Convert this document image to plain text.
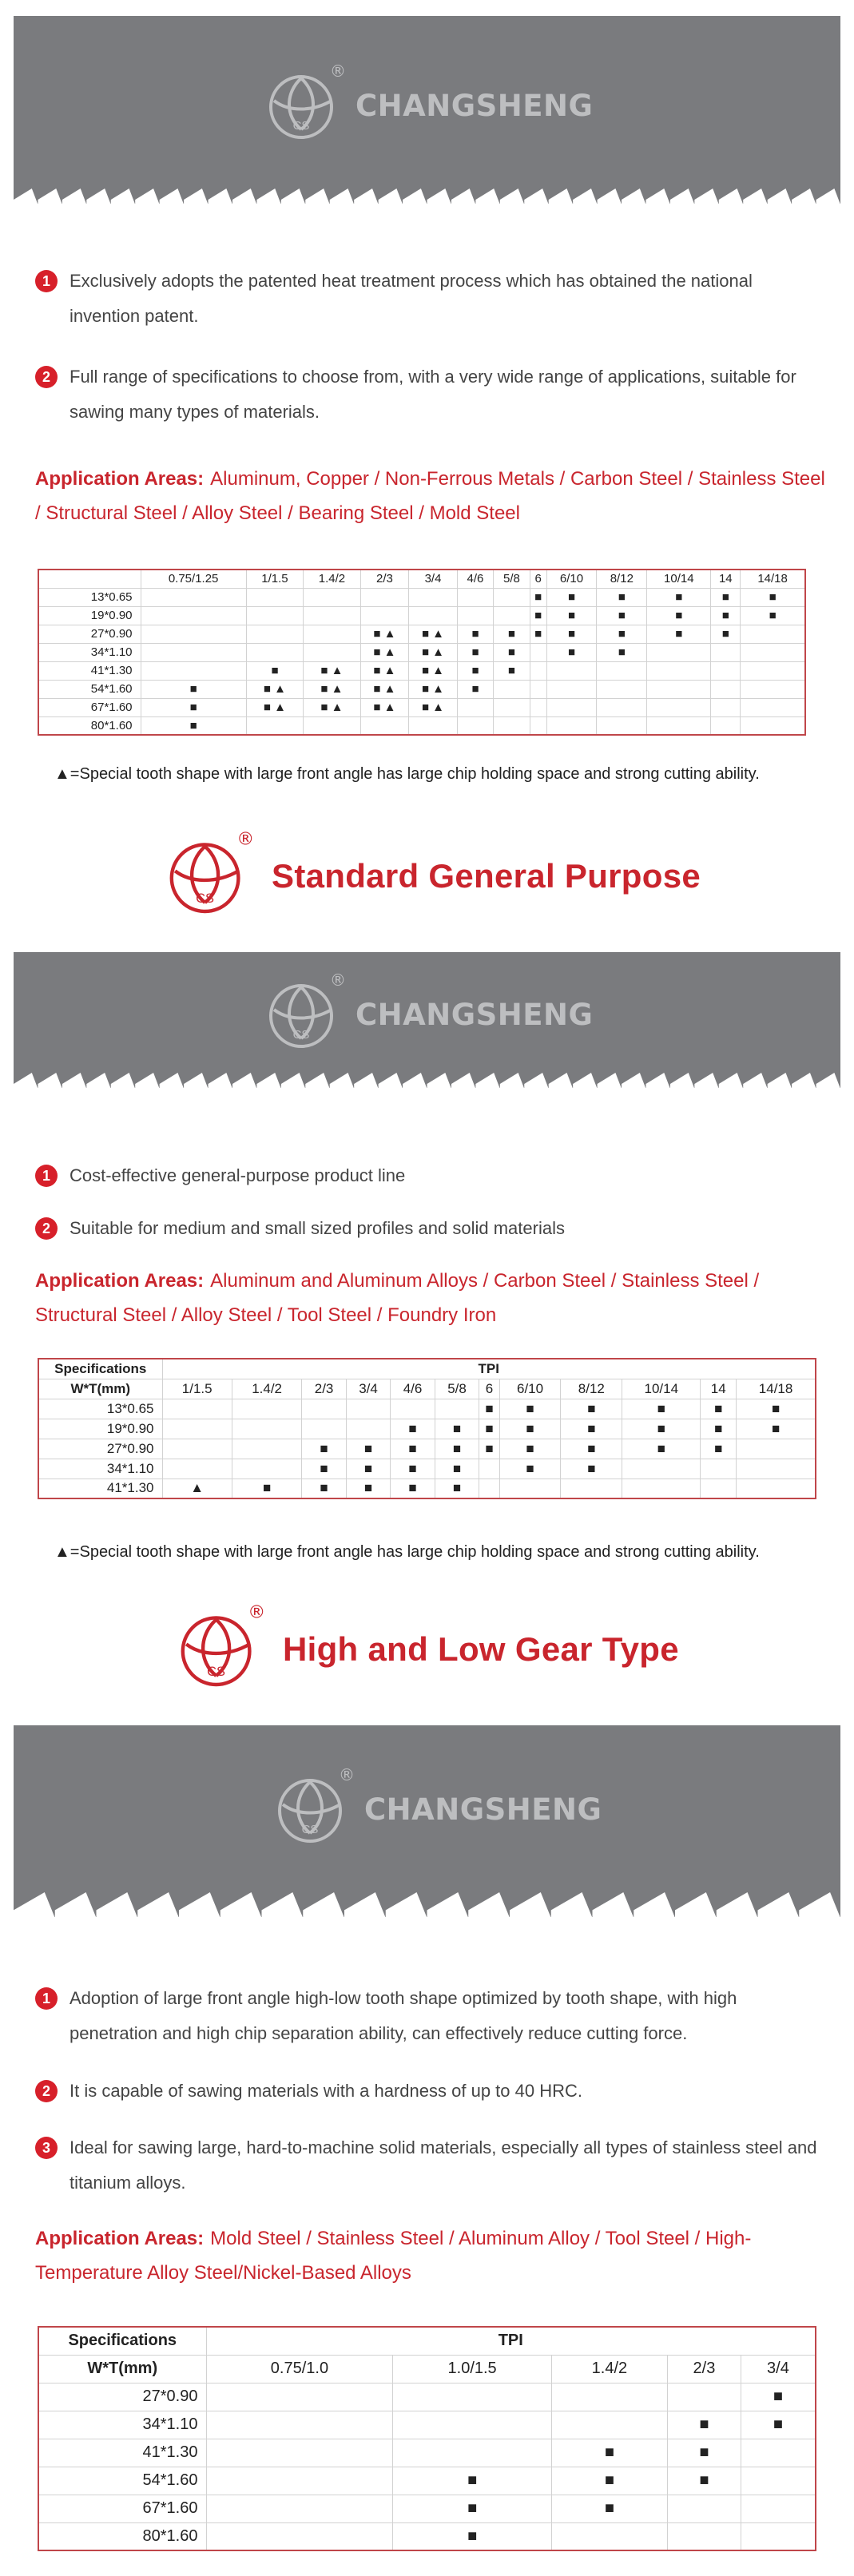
CS
®
CHANGSHENG
1	Exclusively adopts the patented heat treatment process which has obtained the national invention patent.
2	Full range of specifications to choose from, with a very wide range of applications, suitable for sawing many types of materials.
Application Areas: Aluminum, Copper / Non-Ferrous Metals / Carbon Steel / Stainless Steel / Structural Steel / Alloy Steel / Bearing Steel / Mold Steel
	0.75/1.25	1/1.5	1.4/2	2/3	3/4	4/6	5/8	6	6/10	8/12	10/14	14	14/18
13*0.65								■	■	■	■	■	■
19*0.90								■	■	■	■	■	■
27*0.90				■ ▲	■ ▲	■	■	■	■	■	■	■	
34*1.10				■ ▲	■ ▲	■	■		■	■			
41*1.30		■	■ ▲	■ ▲	■ ▲	■	■						
54*1.60	■	■ ▲	■ ▲	■ ▲	■ ▲	■							
67*1.60	■	■ ▲	■ ▲	■ ▲	■ ▲								
80*1.60	■												
▲=Special tooth shape with large front angle has large chip holding space and strong cutting ability.
CS
®
Standard General Purpose
CS
®
CHANGSHENG
1	Cost-effective general-purpose product line
2	Suitable for medium and small sized profiles and solid materials
Application Areas: Aluminum and Aluminum Alloys / Carbon Steel / Stainless Steel / Structural Steel / Alloy Steel / Tool Steel / Foundry Iron
Specifications	TPI											
W*T(mm)	1/1.5	1.4/2	2/3	3/4	4/6	5/8	6	6/10	8/12	10/14	14	14/18
13*0.65							■	■	■	■	■	■
19*0.90					■	■	■	■	■	■	■	■
27*0.90			■	■	■	■	■	■	■	■	■	
34*1.10			■	■	■	■		■	■			
41*1.30	▲	■	■	■	■	■						
▲=Special tooth shape with large front angle has large chip holding space and strong cutting ability.
CS
®
High and Low Gear Type
CS
®
CHANGSHENG
1	Adoption of large front angle high-low tooth shape optimized by tooth shape, with high penetration and high chip separation ability, can effectively reduce cutting force.
2	It is capable of sawing materials with a hardness of up to 40 HRC.
3	Ideal for sawing large, hard-to-machine solid materials, especially all types of stainless steel and titanium alloys.
Application Areas: Mold Steel / Stainless Steel / Aluminum Alloy / Tool Steel / High-Temperature Alloy Steel/Nickel-Based Alloys
Specifications	TPI				
W*T(mm)	0.75/1.0	1.0/1.5	1.4/2	2/3	3/4
27*0.90					■
34*1.10				■	■
41*1.30			■	■	
54*1.60		■	■	■	
67*1.60		■	■		
80*1.60		■			
